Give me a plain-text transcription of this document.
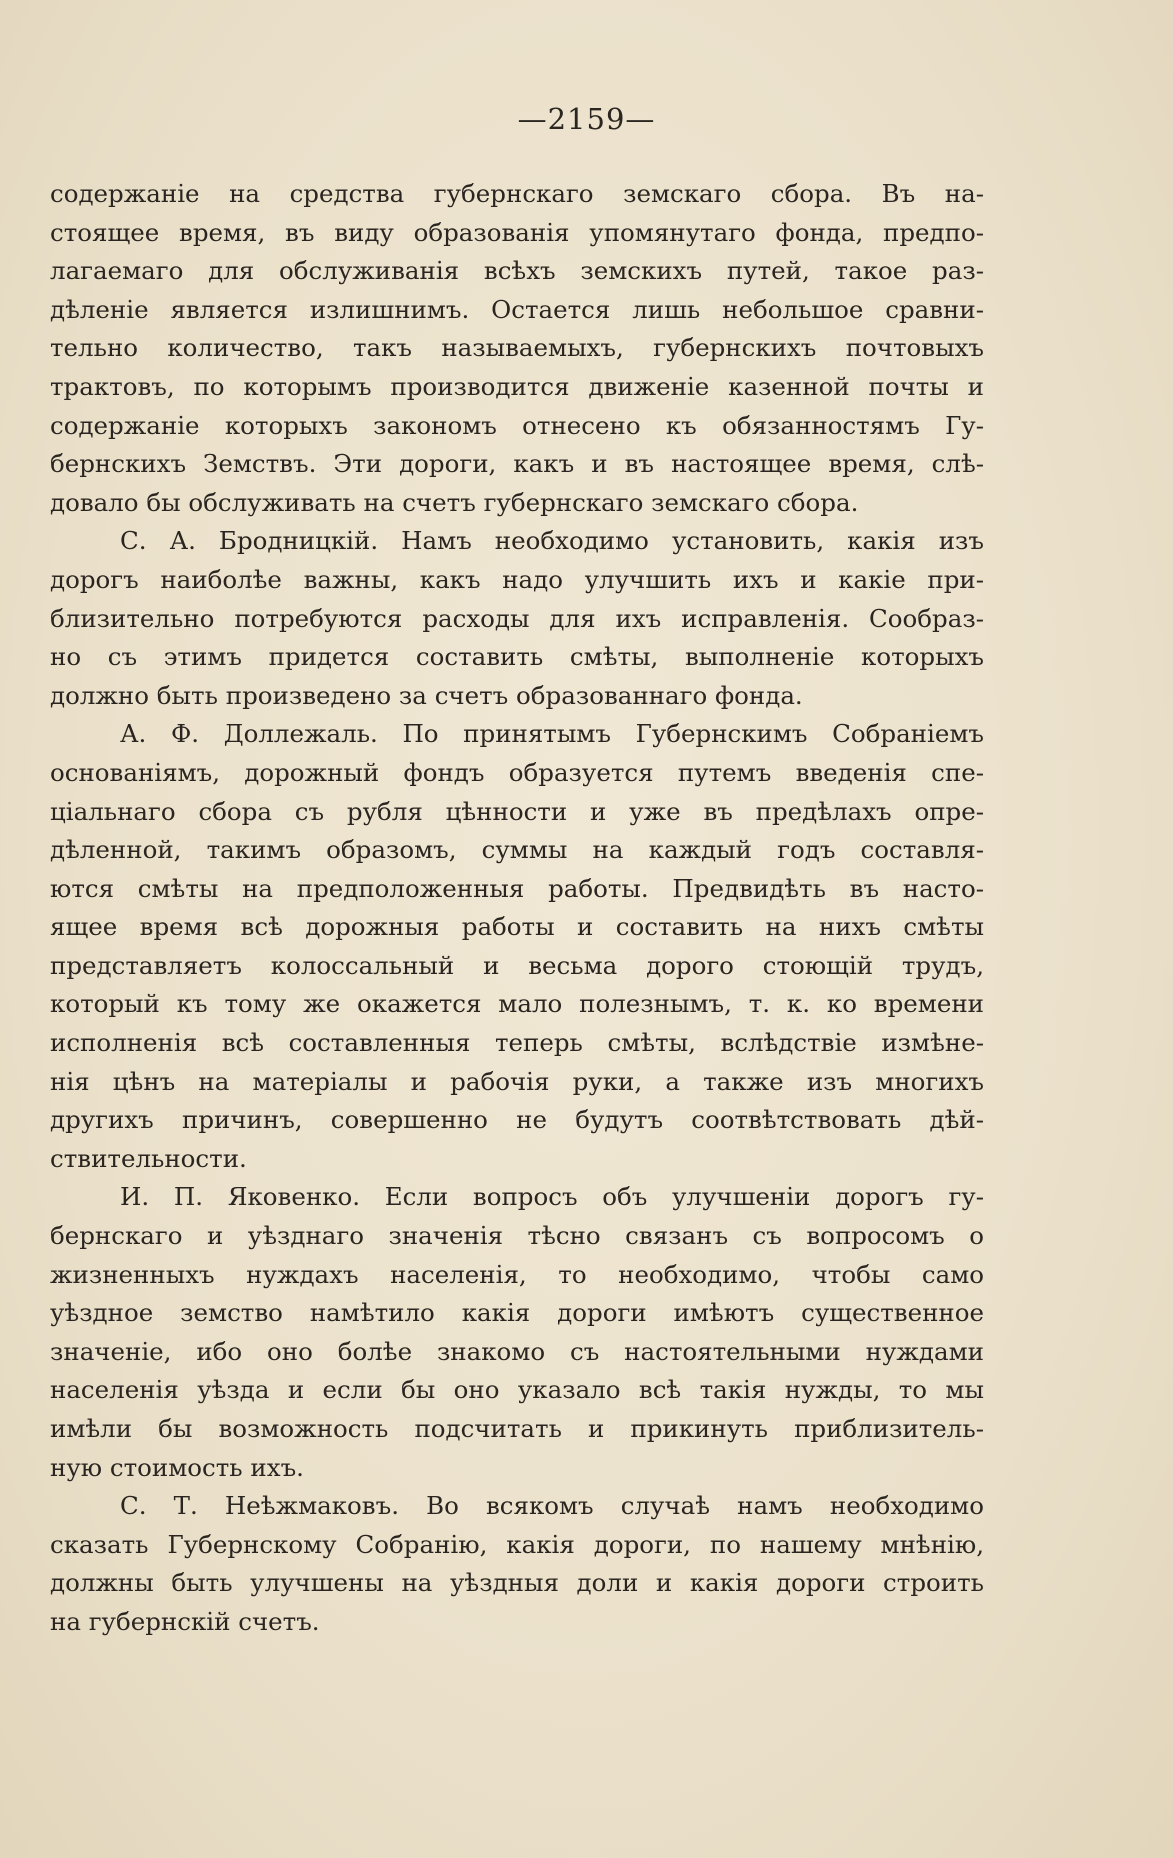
—2159—
содержаніе на средства губернскаго земскаго сбора. Въ на-
стоящее время, въ виду образованія упомянутаго фонда, предпо-
лагаемаго для обслуживанія всѣхъ земскихъ путей, такое раз-
дѣленіе является излишнимъ. Остается лишь небольшое сравни-
тельно количество, такъ называемыхъ, губернскихъ почтовыхъ
трактовъ, по которымъ производится движеніе казенной почты и
содержаніе которыхъ закономъ отнесено къ обязанностямъ Гу-
бернскихъ Земствъ. Эти дороги, какъ и въ настоящее время, слѣ-
довало бы обслуживать на счетъ губернскаго земскаго сбора.
С. А. Бродницкій. Намъ необходимо установить, какія изъ
дорогъ наиболѣе важны, какъ надо улучшить ихъ и какіе при-
близительно потребуются расходы для ихъ исправленія. Сообраз-
но съ этимъ придется составить смѣты, выполненіе которыхъ
должно быть произведено за счетъ образованнаго фонда.
А. Ф. Доллежаль. По принятымъ Губернскимъ Собраніемъ
основаніямъ, дорожный фондъ образуется путемъ введенія спе-
ціальнаго сбора съ рубля цѣнности и уже въ предѣлахъ опре-
дѣленной, такимъ образомъ, суммы на каждый годъ составля-
ются смѣты на предположенныя работы. Предвидѣть въ насто-
ящее время всѣ дорожныя работы и составить на нихъ смѣты
представляетъ колоссальный и весьма дорого стоющій трудъ,
который къ тому же окажется мало полезнымъ, т. к. ко времени
исполненія всѣ составленныя теперь смѣты, вслѣдствіе измѣне-
нія цѣнъ на матеріалы и рабочія руки, а также изъ многихъ
другихъ причинъ, совершенно не будутъ соотвѣтствовать дѣй-
ствительности.
И. П. Яковенко. Если вопросъ объ улучшеніи дорогъ гу-
бернскаго и уѣзднаго значенія тѣсно связанъ съ вопросомъ о
жизненныхъ нуждахъ населенія, то необходимо, чтобы само
уѣздное земство намѣтило какія дороги имѣютъ существенное
значеніе, ибо оно болѣе знакомо съ настоятельными нуждами
населенія уѣзда и если бы оно указало всѣ такія нужды, то мы
имѣли бы возможность подсчитать и прикинуть приблизитель-
ную стоимость ихъ.
С. Т. Неѣжмаковъ. Во всякомъ случаѣ намъ необходимо
сказать Губернскому Собранію, какія дороги, по нашему мнѣнію,
должны быть улучшены на уѣздныя доли и какія дороги строить
на губернскій счетъ.
